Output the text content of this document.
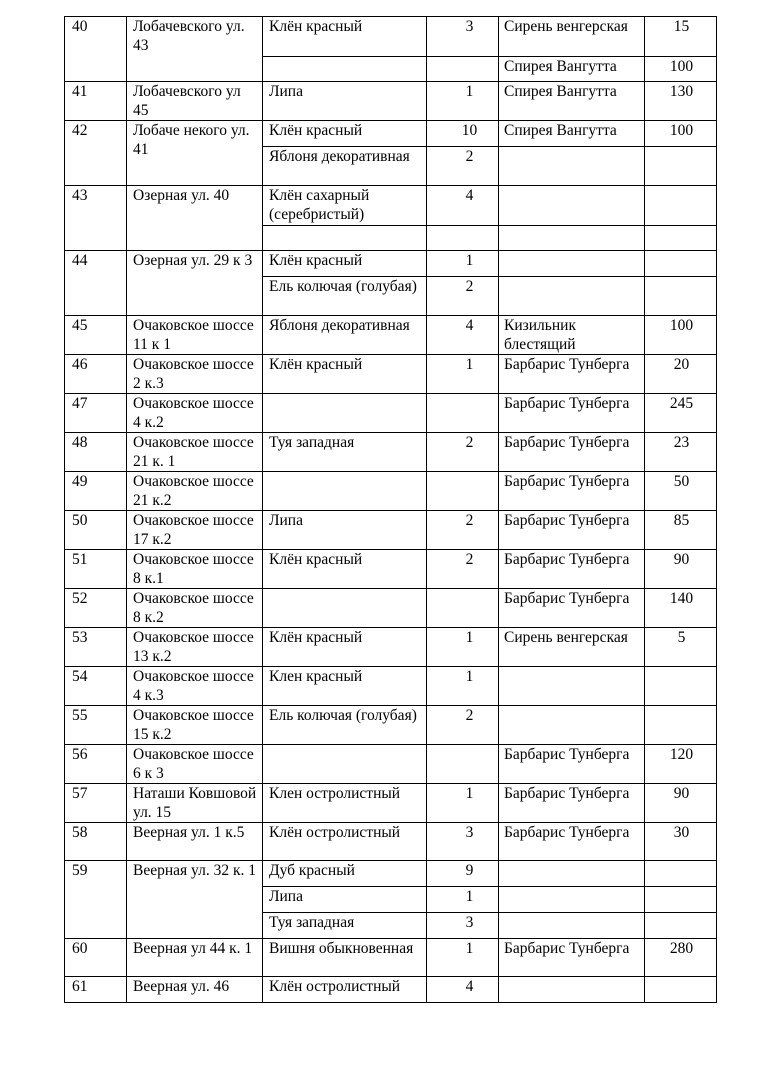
40	Лобачевского ул. 43	Клён красный	3	Сирень венгерская	15
				Спирея Вангутта	100
41	Лобачевского ул 45	Липа	1	Спирея Вангутта	130
42	Лобаче некого ул. 41	Клён красный	10	Спирея Вангутта	100
		Яблоня декоративная	2		
43	Озерная ул. 40	Клён сахарный (серебристый)	4		

44	Озерная ул. 29 к 3	Клён красный	1		
		Ель колючая (голубая)	2		
45	Очаковское шоссе 11 к 1	Яблоня декоративная	4	Кизильник блестящий	100
46	Очаковское шоссе 2 к.3	Клён красный	1	Барбарис Тунберга	20
47	Очаковское шоссе 4 к.2			Барбарис Тунберга	245
48	Очаковское шоссе 21 к. 1	Туя западная	2	Барбарис Тунберга	23
49	Очаковское шоссе 21 к.2			Барбарис Тунберга	50
50	Очаковское шоссе 17 к.2	Липа	2	Барбарис Тунберга	85
51	Очаковское шоссе 8 к.1	Клён красный	2	Барбарис Тунберга	90
52	Очаковское шоссе 8 к.2			Барбарис Тунберга	140
53	Очаковское шоссе 13 к.2	Клён красный	1	Сирень венгерская	5
54	Очаковское шоссе 4 к.3	Клен красный	1		
55	Очаковское шоссе 15 к.2	Ель колючая (голубая)	2		
56	Очаковское шоссе 6 к 3			Барбарис Тунберга	120
57	Наташи Ковшовой ул. 15	Клен остролистный	1	Барбарис Тунберга	90
58	Веерная ул. 1 к.5	Клён остролистный	3	Барбарис Тунберга	30
59	Веерная ул. 32 к. 1	Дуб красный	9		
		Липа	1		
		Туя западная	3		
60	Веерная ул 44 к. 1	Вишня обыкновенная	1	Барбарис Тунберга	280
61	Веерная ул. 46	Клён остролистный	4		
